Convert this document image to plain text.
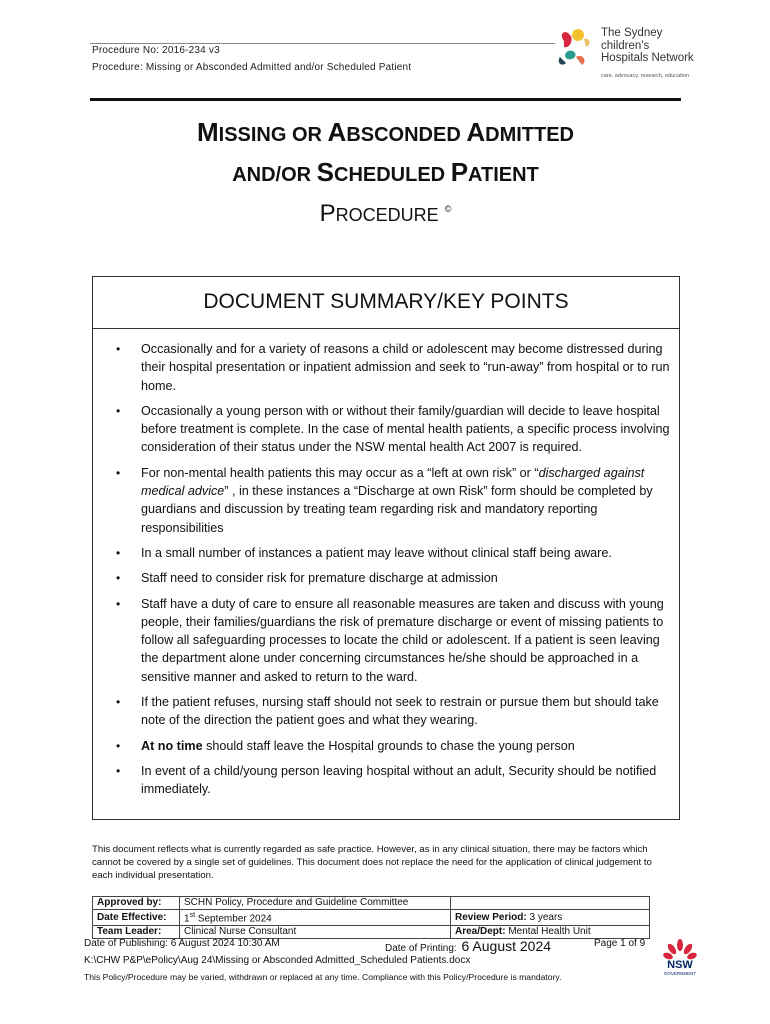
Procedure No: 2016-234 v3
Procedure: Missing or Absconded Admitted and/or Scheduled Patient
The Sydney
children's
Hospitals Network
care, advocacy, research, education
MISSING OR ABSCONDED ADMITTED
AND/OR SCHEDULED PATIENT
PROCEDURE ©
DOCUMENT SUMMARY/KEY POINTS
• Occasionally and for a variety of reasons a child or adolescent may become distressed during their hospital presentation or inpatient admission and seek to “run-away” from hospital or to run home.
• Occasionally a young person with or without their family/guardian will decide to leave hospital before treatment is complete. In the case of mental health patients, a specific process involving consideration of their status under the NSW mental health Act 2007 is required.
• For non-mental health patients this may occur as a “left at own risk” or “discharged against medical advice” , in these instances a “Discharge at own Risk” form should be completed by guardians and discussion by treating team regarding risk and mandatory reporting responsibilities
• In a small number of instances a patient may leave without clinical staff being aware.
• Staff need to consider risk for premature discharge at admission
• Staff have a duty of care to ensure all reasonable measures are taken and discuss with young people, their families/guardians the risk of premature discharge or event of missing patients to follow all safeguarding processes to locate the child or adolescent. If a patient is seen leaving the department alone under concerning circumstances he/she should be approached in a sensitive manner and asked to return to the ward.
• If the patient refuses, nursing staff should not seek to restrain or pursue them but should take note of the direction the patient goes and what they wearing.
• At no time should staff leave the Hospital grounds to chase the young person
• In event of a child/young person leaving hospital without an adult, Security should be notified immediately.
This document reflects what is currently regarded as safe practice. However, as in any clinical situation, there may be factors which cannot be covered by a single set of guidelines. This document does not replace the need for the application of clinical judgement to each individual presentation.
Approved by:	SCHN Policy, Procedure and Guideline Committee	
Date Effective:	1st September 2024	Review Period: 3 years
Team Leader:	Clinical Nurse Consultant	Area/Dept: Mental Health Unit
Date of Publishing: 6 August 2024 10:30 AM	Date of Printing: 6 August 2024	Page 1 of 9
K:\CHW P&P\ePolicy\Aug 24\Missing or Absconded Admitted_Scheduled Patients.docx
This Policy/Procedure may be varied, withdrawn or replaced at any time. Compliance with this Policy/Procedure is mandatory.
NSW
GOVERNMENT
